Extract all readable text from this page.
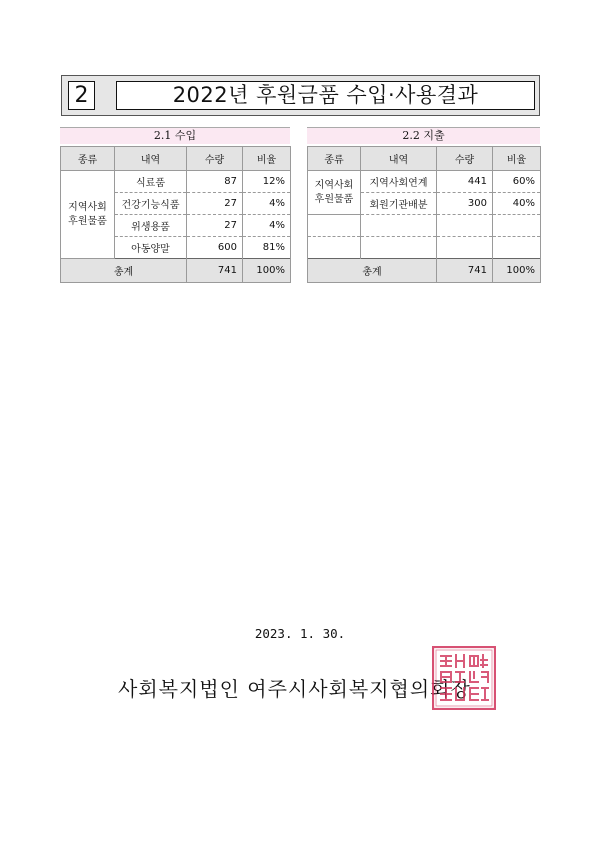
2	2022년 후원금품 수입·사용결과
2.1 수입
종류	내역	수량	비율

지역사회
후원물품	식료품	87	12%
	건강기능식품	27	4%
	위생용품	27	4%
	아동양말	600	81%
총계		741	100%
2.2 지출
종류	내역	수량	비율

지역사회
후원물품	지역사회연계	441	60%
	회원기관배분	300	40%

총계		741	100%
2023. 1. 30.
사회복지법인 여주시사회복지협의회장
